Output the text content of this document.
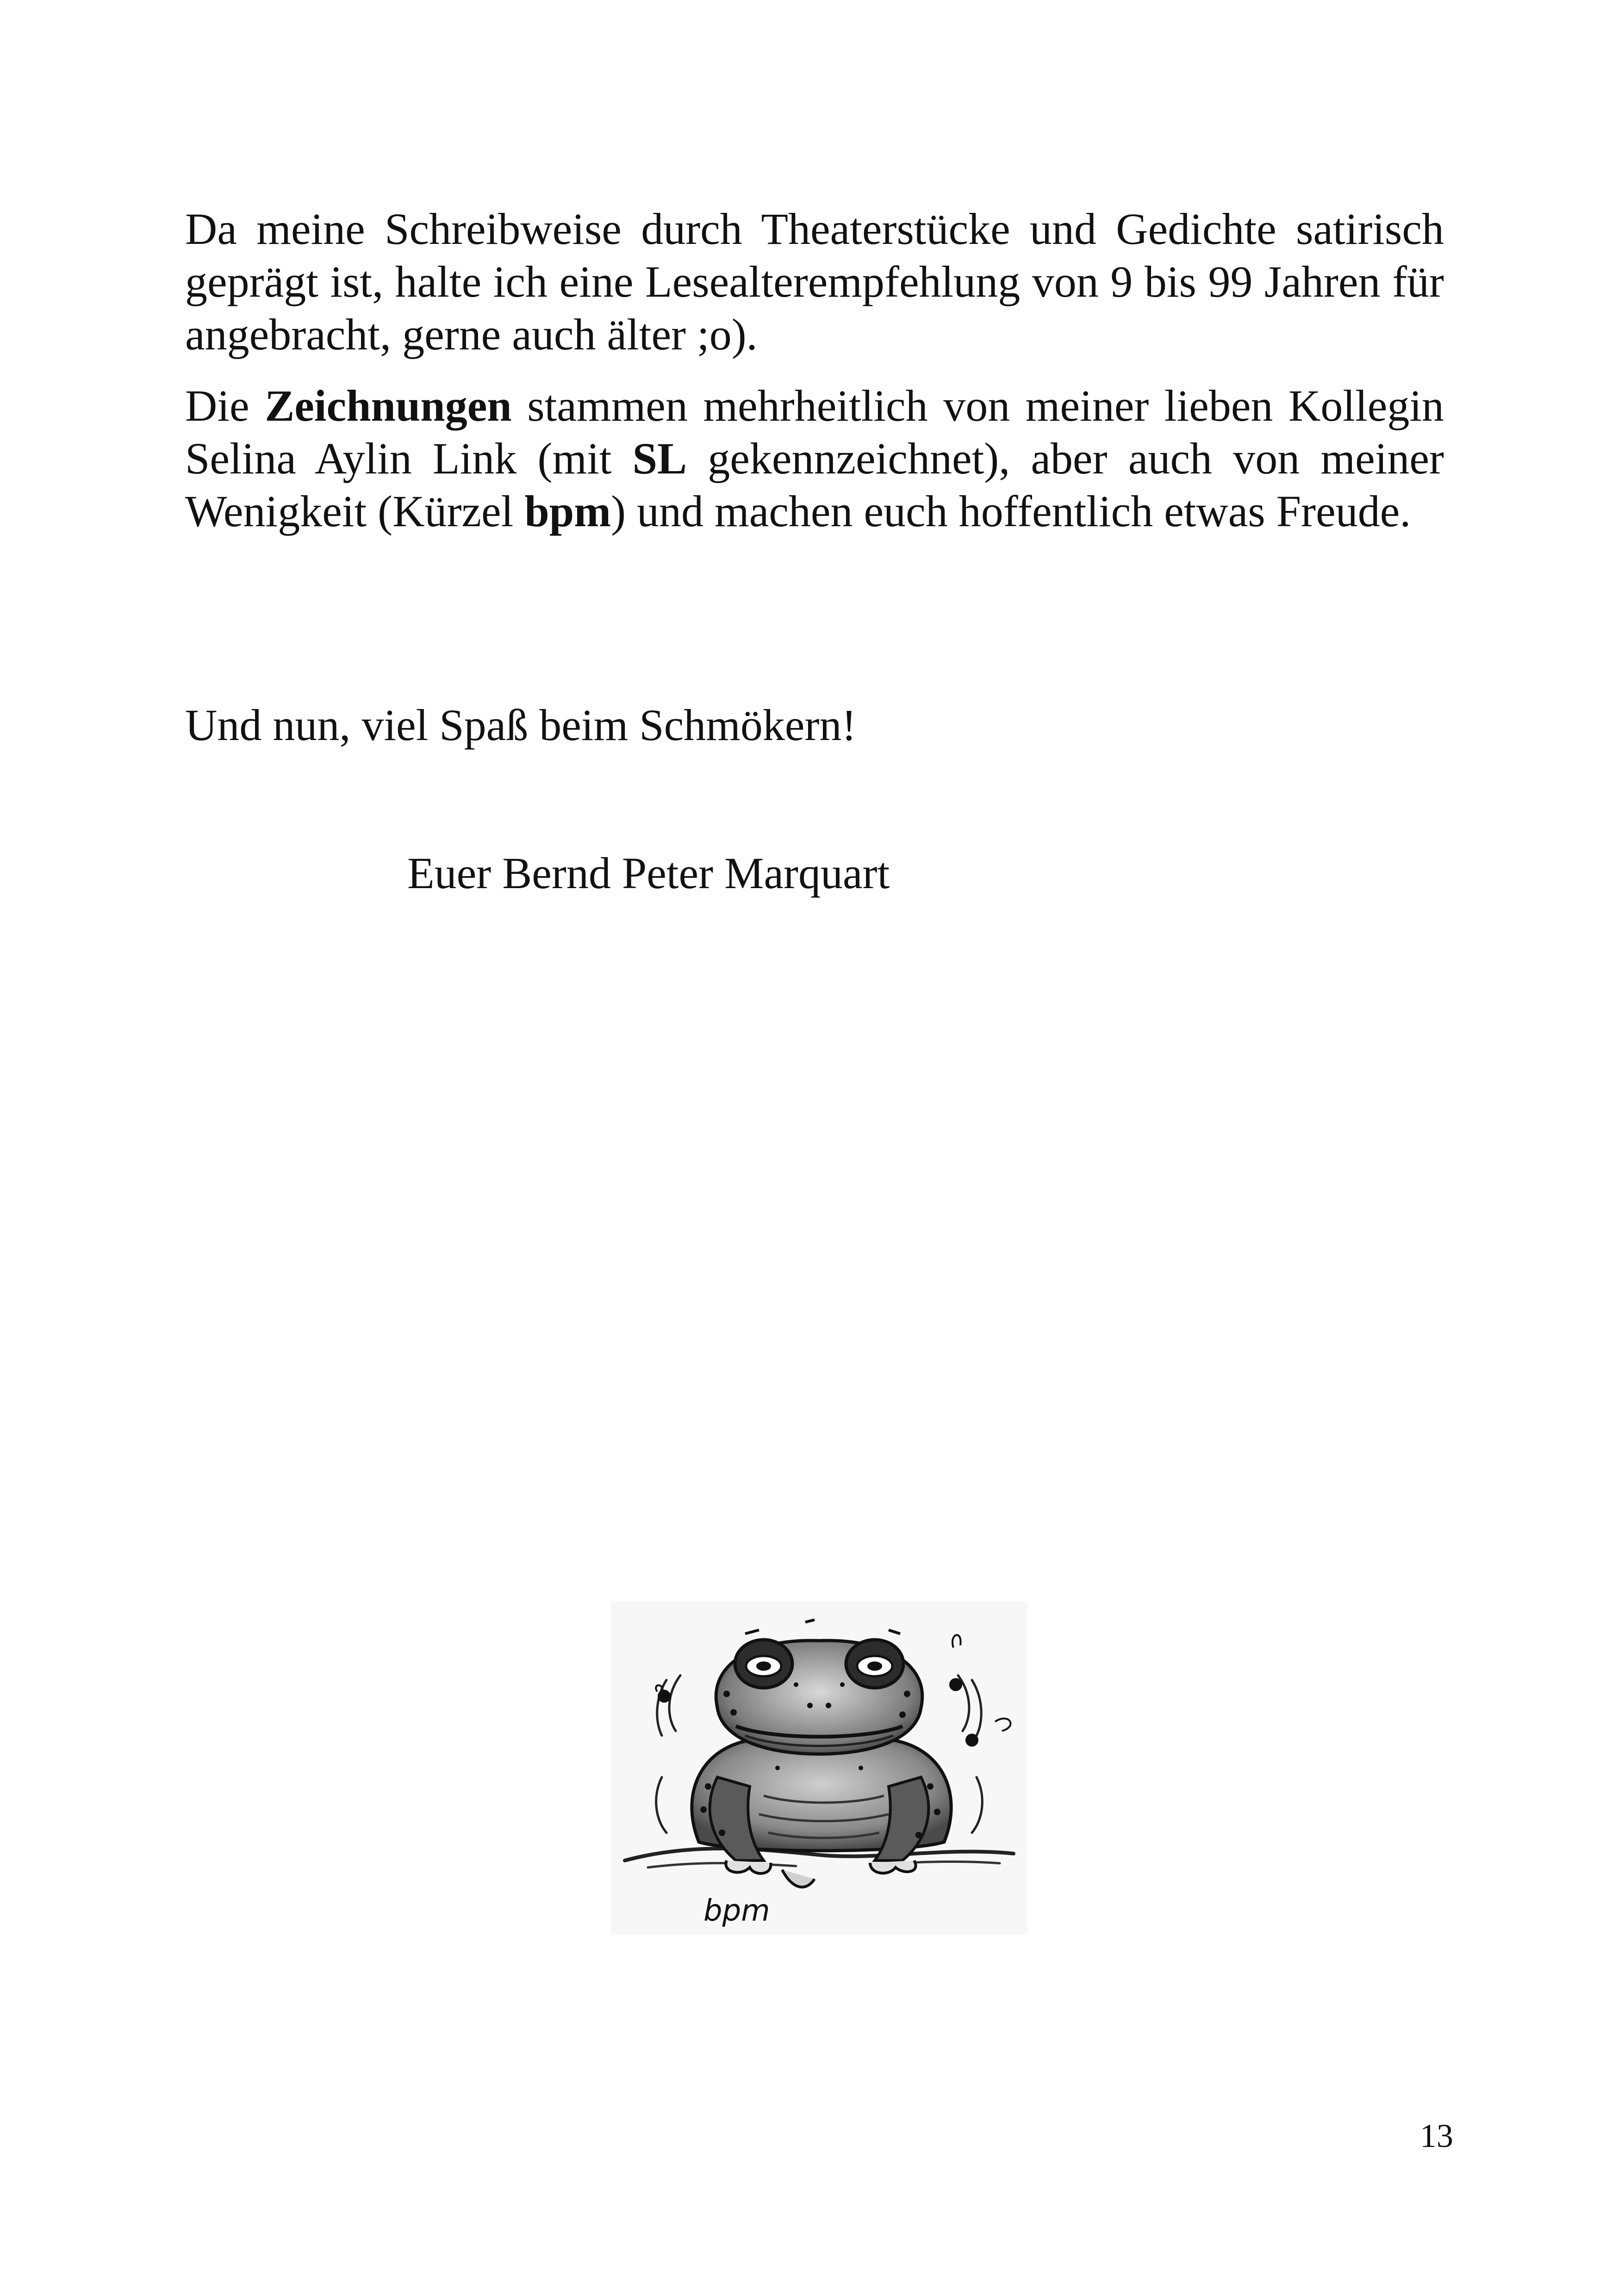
Da meine Schreibweise durch Theaterstücke und Gedichte satirisch geprägt ist, halte ich eine Lesealterempfehlung von 9 bis 99 Jahren für angebracht, gerne auch älter ;o).

Die Zeichnungen stammen mehrheitlich von meiner lieben Kollegin Selina Aylin Link (mit SL gekennzeichnet), aber auch von meiner Wenigkeit (Kürzel bpm) und machen euch hoffentlich etwas Freude.

Und nun, viel Spaß beim Schmökern!

Euer Bernd Peter Marquart

bpm

13
